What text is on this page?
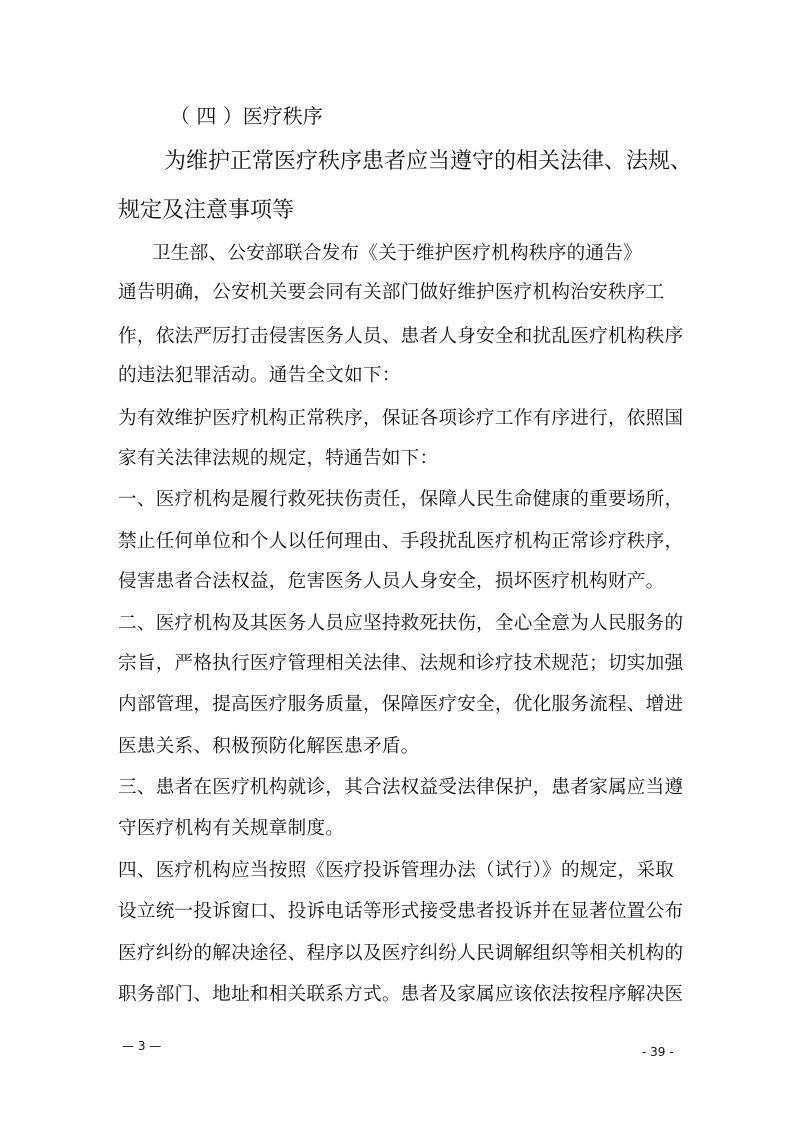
（ 四 ）医疗秩序

为维护正常医疗秩序患者应当遵守的相关法律、法规、

规定及注意事项等

卫生部、公安部联合发布《关于维护医疗机构秩序的通告》

通告明确，公安机关要会同有关部门做好维护医疗机构治安秩序工

作，依法严厉打击侵害医务人员、患者人身安全和扰乱医疗机构秩序

的违法犯罪活动。通告全文如下：

为有效维护医疗机构正常秩序，保证各项诊疗工作有序进行，依照国

家有关法律法规的规定，特通告如下：

一、医疗机构是履行救死扶伤责任，保障人民生命健康的重要场所，

禁止任何单位和个人以任何理由、手段扰乱医疗机构正常诊疗秩序，

侵害患者合法权益，危害医务人员人身安全，损坏医疗机构财产。

二、医疗机构及其医务人员应坚持救死扶伤，全心全意为人民服务的

宗旨，严格执行医疗管理相关法律、法规和诊疗技术规范；切实加强

内部管理，提高医疗服务质量，保障医疗安全，优化服务流程、增进

医患关系、积极预防化解医患矛盾。

三、患者在医疗机构就诊，其合法权益受法律保护，患者家属应当遵

守医疗机构有关规章制度。

四、医疗机构应当按照《医疗投诉管理办法（试行）》的规定，采取

设立统一投诉窗口、投诉电话等形式接受患者投诉并在显著位置公布

医疗纠纷的解决途径、程序以及医疗纠纷人民调解组织等相关机构的

职务部门、地址和相关联系方式。患者及家属应该依法按程序解决医

— 3 —	- 39 -
